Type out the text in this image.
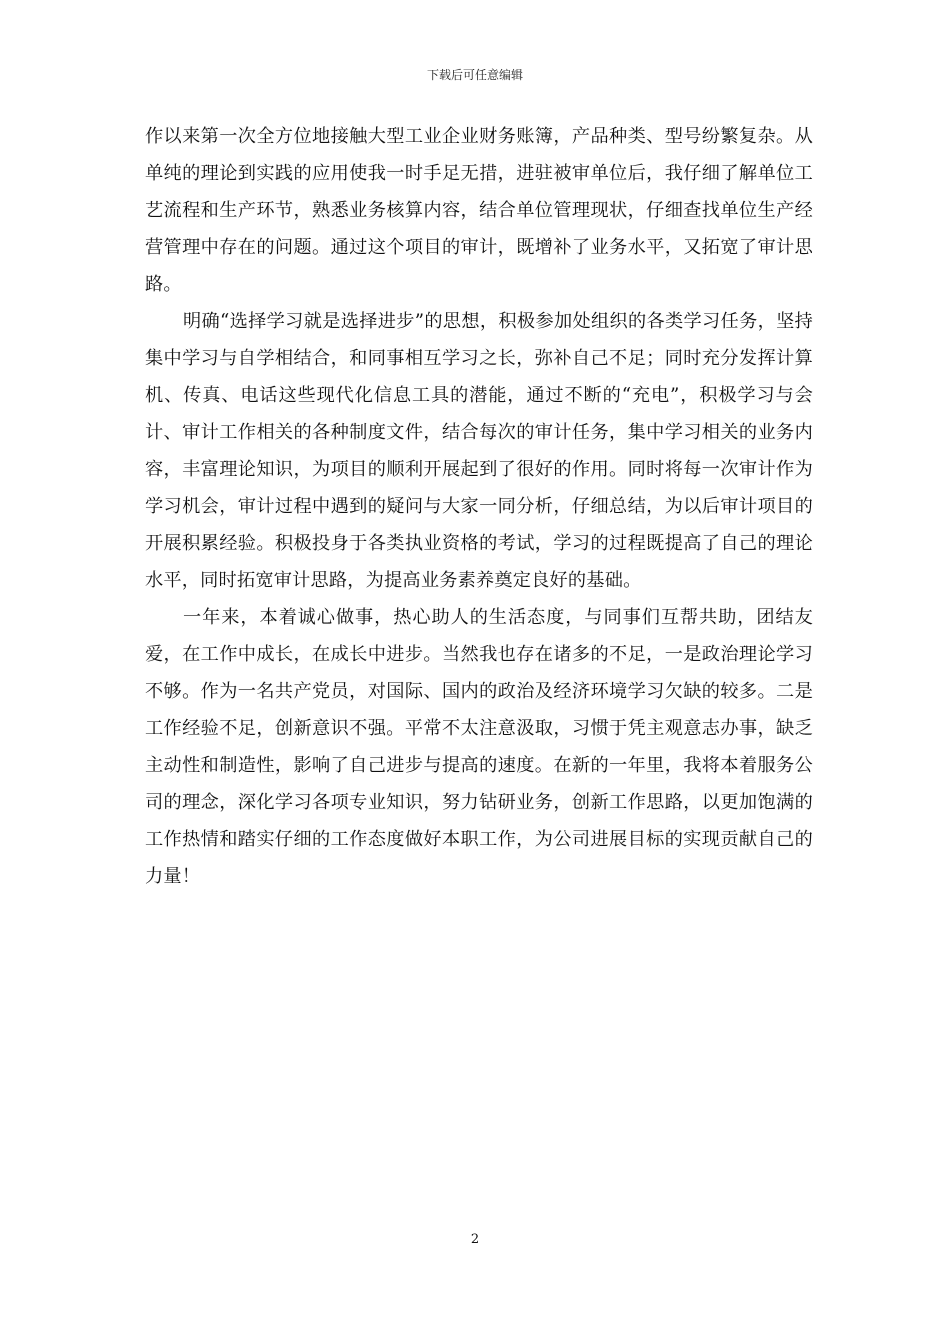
下载后可任意编辑

作以来第一次全方位地接触大型工业企业财务账簿，产品种类、型号纷繁复杂。从单纯的理论到实践的应用使我一时手足无措，进驻被审单位后，我仔细了解单位工艺流程和生产环节，熟悉业务核算内容，结合单位管理现状，仔细查找单位生产经营管理中存在的问题。通过这个项目的审计，既增补了业务水平，又拓宽了审计思路。

明确“选择学习就是选择进步”的思想，积极参加处组织的各类学习任务，坚持集中学习与自学相结合，和同事相互学习之长，弥补自己不足；同时充分发挥计算机、传真、电话这些现代化信息工具的潜能，通过不断的“充电”，积极学习与会计、审计工作相关的各种制度文件，结合每次的审计任务，集中学习相关的业务内容，丰富理论知识，为项目的顺利开展起到了很好的作用。同时将每一次审计作为学习机会，审计过程中遇到的疑问与大家一同分析，仔细总结，为以后审计项目的开展积累经验。积极投身于各类执业资格的考试，学习的过程既提高了自己的理论水平，同时拓宽审计思路，为提高业务素养奠定良好的基础。

一年来，本着诚心做事，热心助人的生活态度，与同事们互帮共助，团结友爱，在工作中成长，在成长中进步。当然我也存在诸多的不足，一是政治理论学习不够。作为一名共产党员，对国际、国内的政治及经济环境学习欠缺的较多。二是工作经验不足，创新意识不强。平常不太注意汲取，习惯于凭主观意志办事，缺乏主动性和制造性，影响了自己进步与提高的速度。在新的一年里，我将本着服务公司的理念，深化学习各项专业知识，努力钻研业务，创新工作思路，以更加饱满的工作热情和踏实仔细的工作态度做好本职工作，为公司进展目标的实现贡献自己的力量！

2
